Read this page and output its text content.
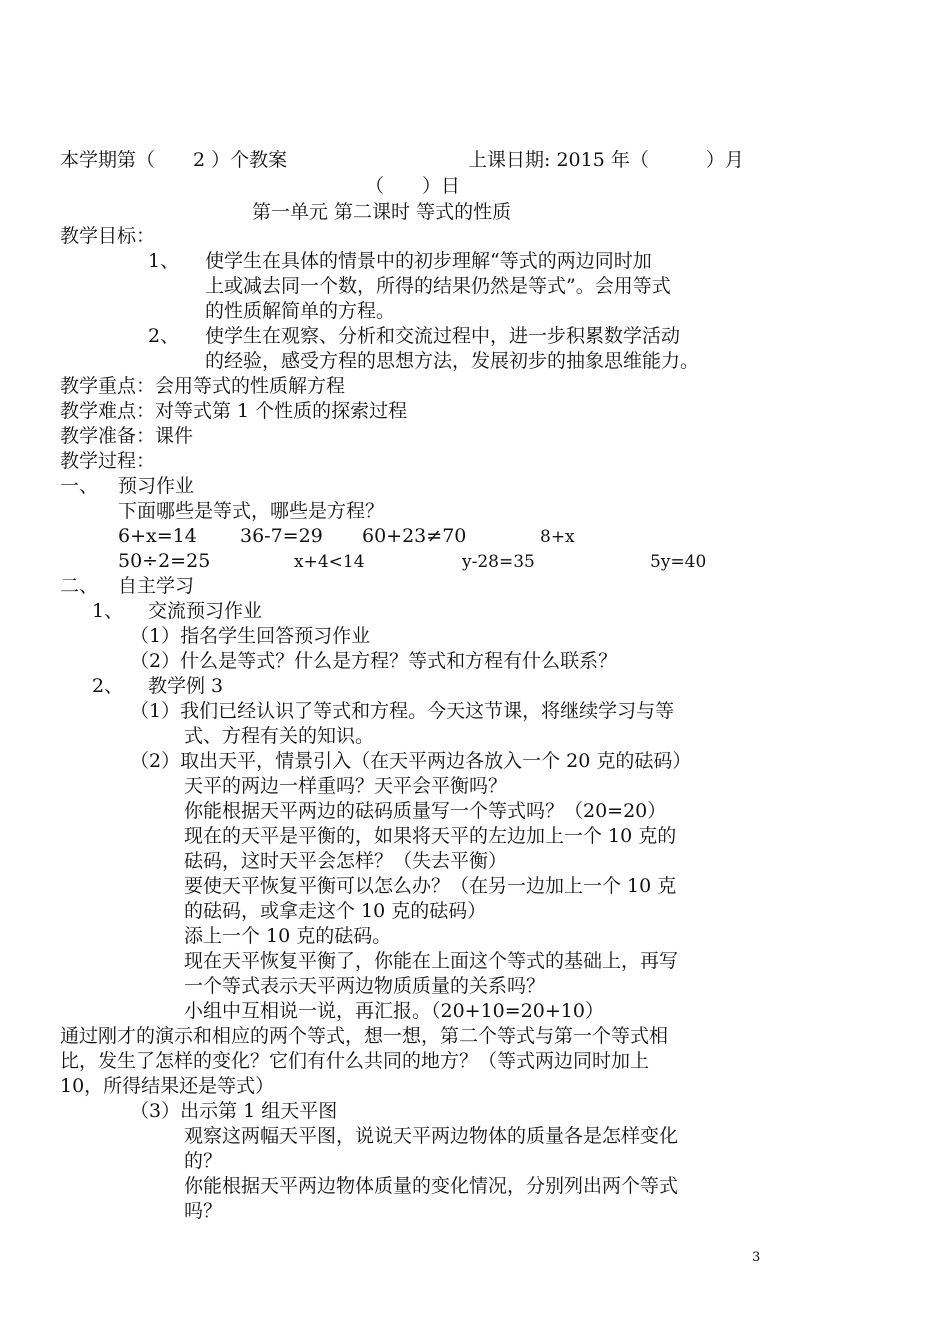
本学期第（　　2 ）个教案	上课日期: 2015 年（　　　）月
（　　）日
第一单元 第二课时 等式的性质
教学目标：
1、 使学生在具体的情景中的初步理解“等式的两边同时加
上或减去同一个数，所得的结果仍然是等式”。会用等式
的性质解简单的方程。
2、 使学生在观察、分析和交流过程中，进一步积累数学活动
的经验，感受方程的思想方法，发展初步的抽象思维能力。
教学重点：会用等式的性质解方程
教学难点：对等式第 1 个性质的探索过程
教学准备：课件
教学过程：
一、 预习作业
下面哪些是等式，哪些是方程？
6+x=14 36-7=29 60+23≠70	8+x
50÷2=25	x+4<14	y-28=35	5y=40
二、 自主学习
1、 交流预习作业
（1）指名学生回答预习作业
（2）什么是等式？什么是方程？等式和方程有什么联系？
2、 教学例 3
（1）我们已经认识了等式和方程。今天这节课，将继续学习与等
式、方程有关的知识。
（2）取出天平，情景引入（在天平两边各放入一个 20 克的砝码）
天平的两边一样重吗？天平会平衡吗？
你能根据天平两边的砝码质量写一个等式吗？（20=20）
现在的天平是平衡的，如果将天平的左边加上一个 10 克的
砝码，这时天平会怎样？（失去平衡）
要使天平恢复平衡可以怎么办？（在另一边加上一个 10 克
的砝码，或拿走这个 10 克的砝码）
添上一个 10 克的砝码。
现在天平恢复平衡了，你能在上面这个等式的基础上，再写
一个等式表示天平两边物质质量的关系吗？
小组中互相说一说，再汇报。（20+10=20+10）
通过刚才的演示和相应的两个等式，想一想，第二个等式与第一个等式相
比，发生了怎样的变化？它们有什么共同的地方？（等式两边同时加上
10，所得结果还是等式）
（3）出示第 1 组天平图
观察这两幅天平图，说说天平两边物体的质量各是怎样变化
的？
你能根据天平两边物体质量的变化情况，分别列出两个等式
吗？
3
